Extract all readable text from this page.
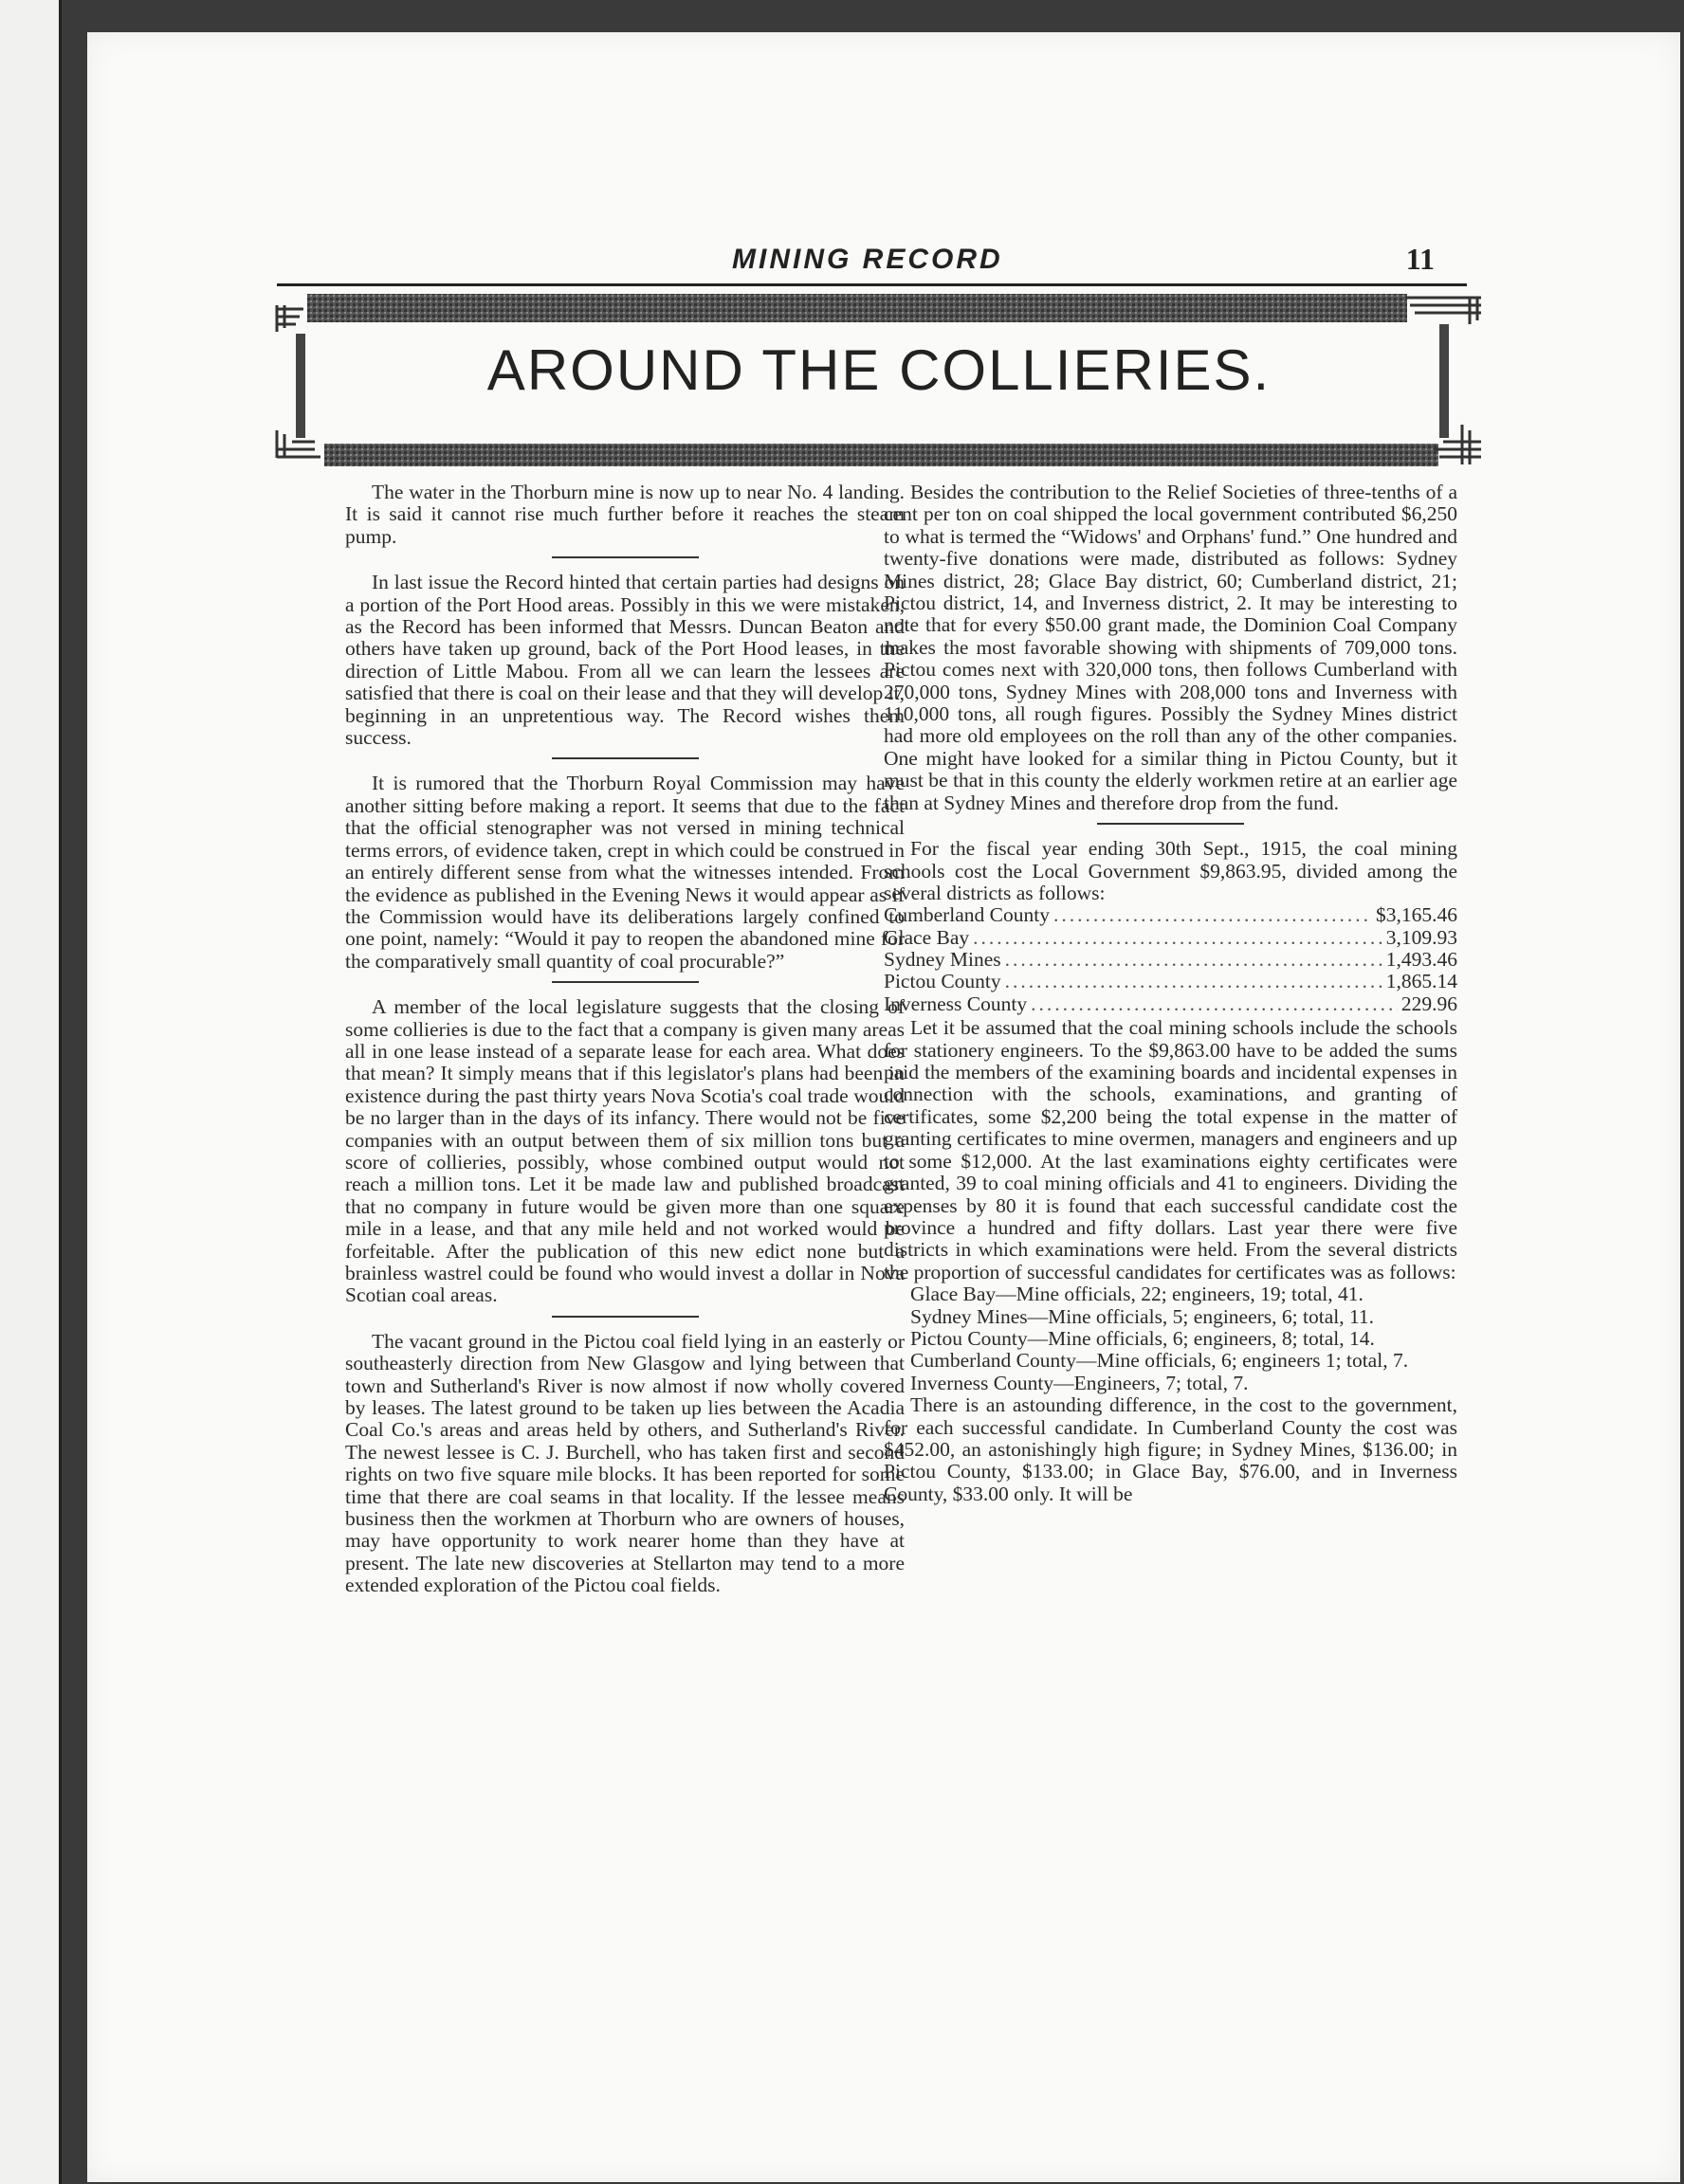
MINING RECORD	11
AROUND THE COLLIERIES.

The water in the Thorburn mine is now up to near No. 4 landing. It is said it cannot rise much further before it reaches the steam pump.

In last issue the Record hinted that certain parties had designs on a portion of the Port Hood areas. Possibly in this we were mistaken, as the Record has been informed that Messrs. Duncan Beaton and others have taken up ground, back of the Port Hood leases, in the direction of Little Mabou. From all we can learn the lessees are satisfied that there is coal on their lease and that they will develop it, beginning in an unpretentious way. The Record wishes them success.

It is rumored that the Thorburn Royal Commission may have another sitting before making a report. It seems that due to the fact that the official stenographer was not versed in mining technical terms errors, of evidence taken, crept in which could be construed in an entirely different sense from what the witnesses intended. From the evidence as published in the Evening News it would appear as if the Commission would have its deliberations largely confined to one point, namely: “Would it pay to reopen the abandoned mine for the comparatively small quantity of coal procurable?”

A member of the local legislature suggests that the closing of some collieries is due to the fact that a company is given many areas all in one lease instead of a separate lease for each area. What does that mean? It simply means that if this legislator's plans had been in existence during the past thirty years Nova Scotia's coal trade would be no larger than in the days of its infancy. There would not be five companies with an output between them of six million tons but a score of collieries, possibly, whose combined output would not reach a million tons. Let it be made law and published broadcast that no company in future would be given more than one square mile in a lease, and that any mile held and not worked would be forfeitable. After the publication of this new edict none but a brainless wastrel could be found who would invest a dollar in Nova Scotian coal areas.

The vacant ground in the Pictou coal field lying in an easterly or southeasterly direction from New Glasgow and lying between that town and Sutherland's River is now almost if now wholly covered by leases. The latest ground to be taken up lies between the Acadia Coal Co.'s areas and areas held by others, and Sutherland's River. The newest lessee is C. J. Burchell, who has taken first and second rights on two five square mile blocks. It has been reported for some time that there are coal seams in that locality. If the lessee means business then the workmen at Thorburn who are owners of houses, may have opportunity to work nearer home than they have at present. The late new discoveries at Stellarton may tend to a more extended exploration of the Pictou coal fields.

Besides the contribution to the Relief Societies of three-tenths of a cent per ton on coal shipped the local government contributed $6,250 to what is termed the “Widows' and Orphans' fund.” One hundred and twenty-five donations were made, distributed as follows: Sydney Mines district, 28; Glace Bay district, 60; Cumberland district, 21; Pictou district, 14, and Inverness district, 2. It may be interesting to note that for every $50.00 grant made, the Dominion Coal Company makes the most favorable showing with shipments of 709,000 tons. Pictou comes next with 320,000 tons, then follows Cumberland with 270,000 tons, Sydney Mines with 208,000 tons and Inverness with 110,000 tons, all rough figures. Possibly the Sydney Mines district had more old employees on the roll than any of the other companies. One might have looked for a similar thing in Pictou County, but it must be that in this county the elderly workmen retire at an earlier age than at Sydney Mines and therefore drop from the fund.

For the fiscal year ending 30th Sept., 1915, the coal mining schools cost the Local Government $9,863.95, divided among the several districts as follows:

Cumberland County .....	$3,165.46
Glace Bay .....	3,109.93
Sydney Mines .....	1,493.46
Pictou County .....	1,865.14
Inverness County .....	229.96

Let it be assumed that the coal mining schools include the schools for stationery engineers. To the $9,863.00 have to be added the sums paid the members of the examining boards and incidental expenses in connection with the schools, examinations, and granting of certificates, some $2,200 being the total expense in the matter of granting certificates to mine overmen, managers and engineers and up to some $12,000. At the last examinations eighty certificates were granted, 39 to coal mining officials and 41 to engineers. Dividing the expenses by 80 it is found that each successful candidate cost the province a hundred and fifty dollars. Last year there were five districts in which examinations were held. From the several districts the proportion of successful candidates for certificates was as follows:

Glace Bay—Mine officials, 22; engineers, 19; total, 41.

Sydney Mines—Mine officials, 5; engineers, 6; total, 11.

Pictou County—Mine officials, 6; engineers, 8; total, 14.

Cumberland County—Mine officials, 6; engineers 1; total, 7.

Inverness County—Engineers, 7; total, 7.

There is an astounding difference, in the cost to the government, for each successful candidate. In Cumberland County the cost was $452.00, an astonishingly high figure; in Sydney Mines, $136.00; in Pictou County, $133.00; in Glace Bay, $76.00, and in Inverness County, $33.00 only. It will be
